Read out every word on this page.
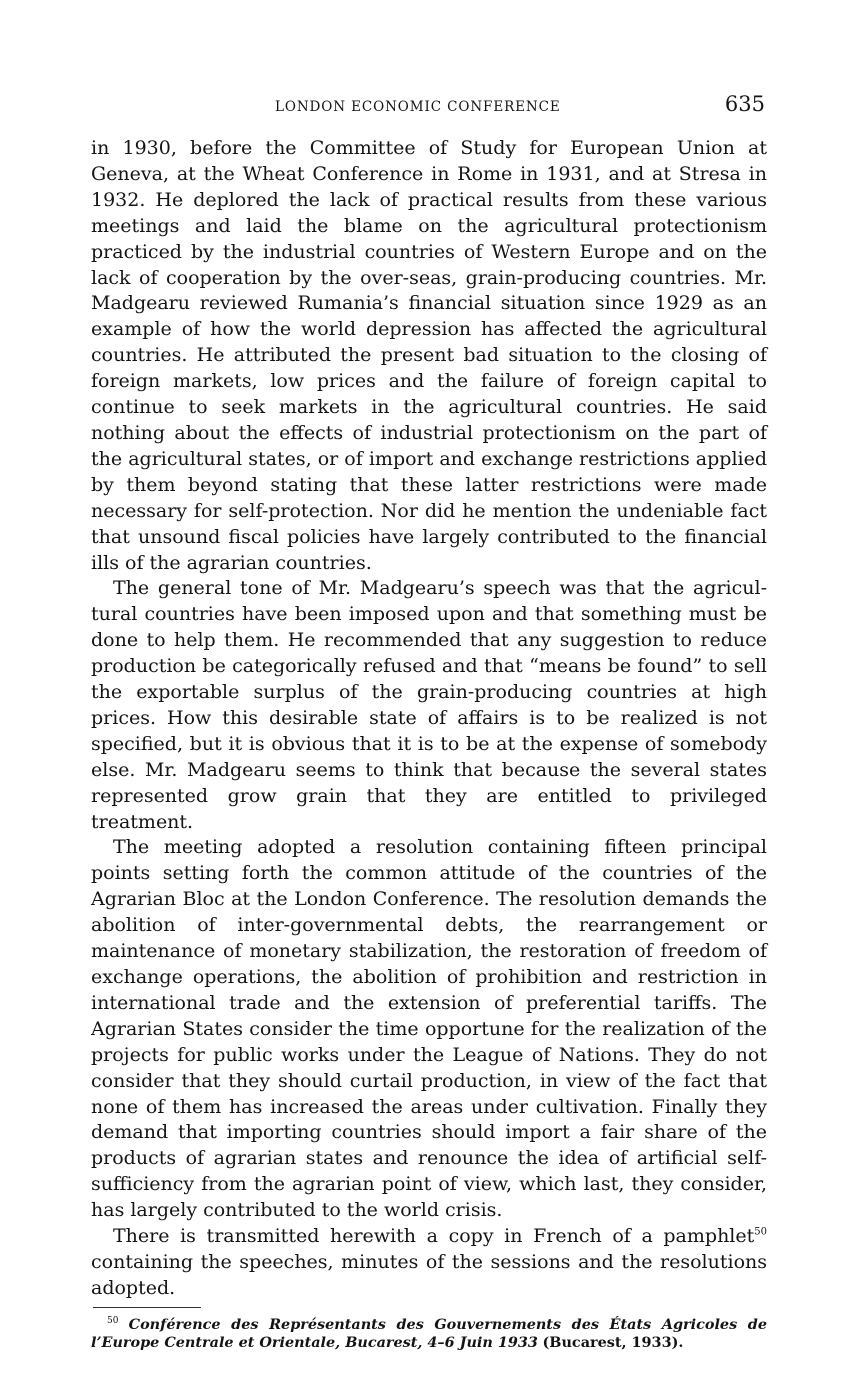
LONDON ECONOMIC CONFERENCE	635

in 1930, before the Committee of Study for European Union at Geneva, at the Wheat Conference in Rome in 1931, and at Stresa in 1932. He deplored the lack of practical results from these various meetings and laid the blame on the agricultural protectionism practiced by the industrial countries of Western Europe and on the lack of cooperation by the over-seas, grain-producing countries. Mr. Madgearu reviewed Rumania’s financial situation since 1929 as an example of how the world depression has affected the agricultural countries. He attributed the present bad situation to the closing of foreign markets, low prices and the failure of foreign capital to continue to seek markets in the agricultural countries. He said nothing about the effects of industrial protectionism on the part of the agricultural states, or of import and exchange restrictions applied by them beyond stating that these latter restrictions were made necessary for self-protection. Nor did he mention the undeniable fact that unsound fiscal policies have largely contributed to the financial ills of the agrarian countries.

The general tone of Mr. Madgearu’s speech was that the agricultural countries have been imposed upon and that something must be done to help them. He recommended that any suggestion to reduce production be categorically refused and that “means be found” to sell the exportable surplus of the grain-producing countries at high prices. How this desirable state of affairs is to be realized is not specified, but it is obvious that it is to be at the expense of somebody else. Mr. Madgearu seems to think that because the several states represented grow grain that they are entitled to privileged treatment.

The meeting adopted a resolution containing fifteen principal points setting forth the common attitude of the countries of the Agrarian Bloc at the London Conference. The resolution demands the abolition of inter-governmental debts, the rearrangement or maintenance of monetary stabilization, the restoration of freedom of exchange operations, the abolition of prohibition and restriction in international trade and the extension of preferential tariffs. The Agrarian States consider the time opportune for the realization of the projects for public works under the League of Nations. They do not consider that they should curtail production, in view of the fact that none of them has increased the areas under cultivation. Finally they demand that importing countries should import a fair share of the products of agrarian states and renounce the idea of artificial self-sufficiency from the agrarian point of view, which last, they consider, has largely contributed to the world crisis.

There is transmitted herewith a copy in French of a pamphlet$^{50}$ containing the speeches, minutes of the sessions and the resolutions adopted.

$^{50}$ Conférence des Représentants des Gouvernements des États Agricoles de l’Europe Centrale et Orientale, Bucarest, 4–6 Juin 1933 (Bucarest, 1933).
